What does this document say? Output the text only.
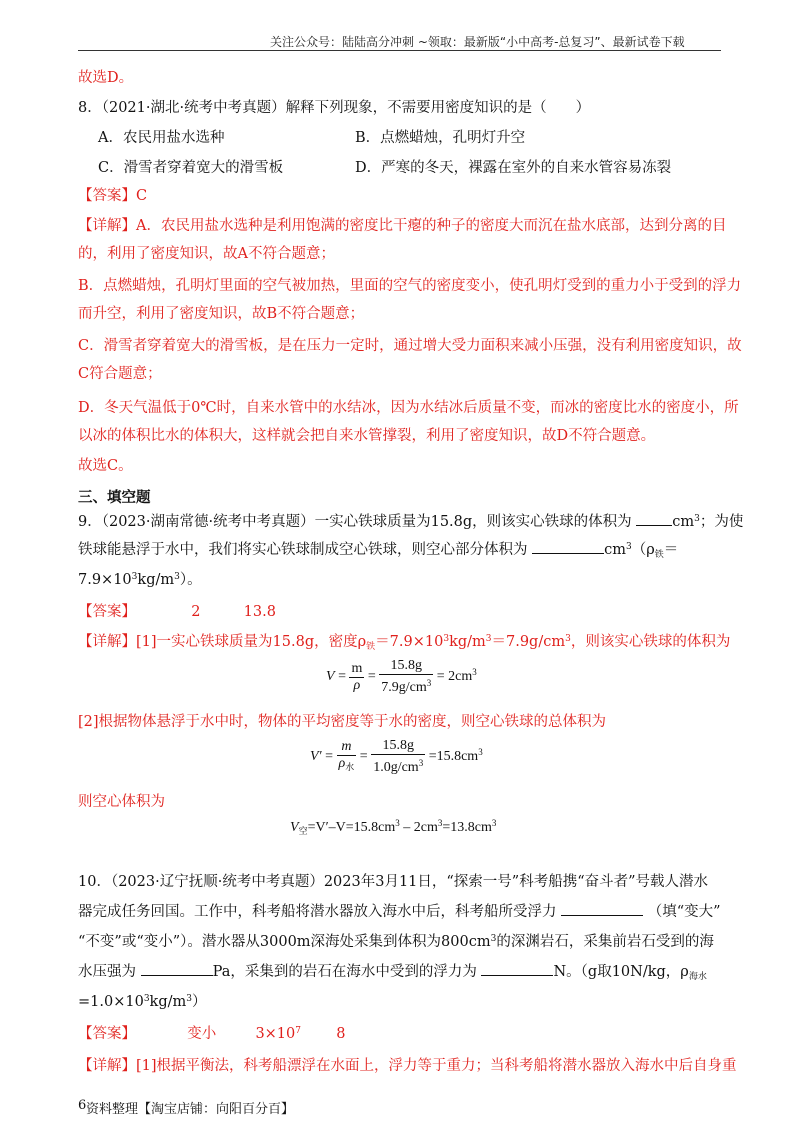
关注公众号：陆陆高分冲刺 ~领取：最新版“小中高考-总复习”、最新试卷下载
故选D。
8．（2021·湖北·统考中考真题）解释下列现象，不需要用密度知识的是（　　）
A．农民用盐水选种	B．点燃蜡烛，孔明灯升空
C．滑雪者穿着宽大的滑雪板	D．严寒的冬天，裸露在室外的自来水管容易冻裂
【答案】C
【详解】A．农民用盐水选种是利用饱满的密度比干瘪的种子的密度大而沉在盐水底部，达到分离的目
的，利用了密度知识，故A不符合题意；
B．点燃蜡烛，孔明灯里面的空气被加热，里面的空气的密度变小，使孔明灯受到的重力小于受到的浮力
而升空，利用了密度知识，故B不符合题意；
C．滑雪者穿着宽大的滑雪板，是在压力一定时，通过增大受力面积来减小压强，没有利用密度知识，故
C符合题意；
D．冬天气温低于0℃时，自来水管中的水结冰，因为水结冰后质量不变，而冰的密度比水的密度小，所
以冰的体积比水的体积大，这样就会把自来水管撑裂，利用了密度知识，故D不符合题意。
故选C。
三、填空题
9．（2023·湖南常德·统考中考真题）一实心铁球质量为15.8g，则该实心铁球的体积为	$cm^3$；为使
铁球能悬浮于水中，我们将实心铁球制成空心铁球，则空心部分体积为	$cm^3(\rho_铁=$
$7.9\times 10^3kg/m^3$）。
【答案】	2	13.8
【详解】[1]一实心铁球质量为15.8g，密度$\rho_铁=7.9\times 10^3kg/m^3=7.9g/cm^3$，则该实心铁球的体积为
$V = \frac{m}{\rho} = \frac{15.8g}{7.9g/cm^3} = 2cm^3$
[2]根据物体悬浮于水中时，物体的平均密度等于水的密度，则空心铁球的总体积为
$V' = \frac{m}{\rho_水} = \frac{15.8g}{1.0g/cm^3} =15.8cm^3$
则空心体积为
$V_空=V'-V=15.8cm^3 - 2cm^3=13.8cm^3$
10．（2023·辽宁抚顺·统考中考真题）2023年3月11日，“探索一号”科考船携“奋斗者”号载人潜水
器完成任务回国。工作中，科考船将潜水器放入海水中后，科考船所受浮力	（填“变大”
“不变”或“变小”）。潜水器从3000m深海处采集到体积为$800cm^3$的深渊岩石，采集前岩石受到的海
水压强为	Pa，采集到的岩石在海水中受到的浮力为	N。（g取10N/kg，$\rho_{海水}$
$=1.0\times 10^3kg/m^3$）
【答案】	变小	$3\times 10^7$ 8
【详解】[1]根据平衡法，科考船漂浮在水面上，浮力等于重力；当科考船将潜水器放入海水中后自身重
6 资料整理【淘宝店铺：向阳百分百】
